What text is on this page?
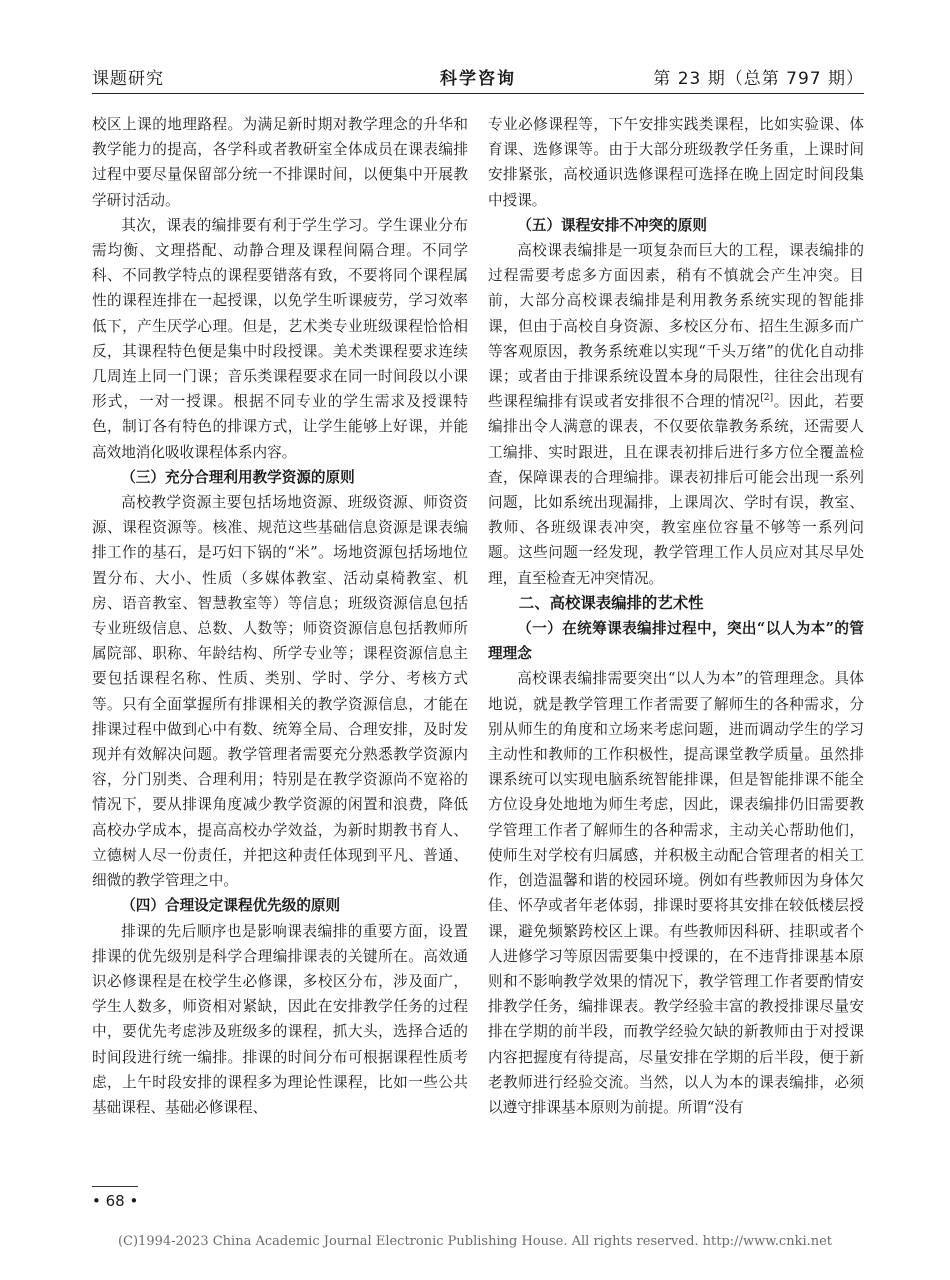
课题研究	科学咨询	第 23 期（总第 797 期）

校区上课的地理路程。为满足新时期对教学理念的升华和教学能力的提高，各学科或者教研室全体成员在课表编排过程中要尽量保留部分统一不排课时间，以便集中开展教学研讨活动。

其次，课表的编排要有利于学生学习。学生课业分布需均衡、文理搭配、动静合理及课程间隔合理。不同学科、不同教学特点的课程要错落有致，不要将同个课程属性的课程连排在一起授课，以免学生听课疲劳，学习效率低下，产生厌学心理。但是，艺术类专业班级课程恰恰相反，其课程特色便是集中时段授课。美术类课程要求连续几周连上同一门课；音乐类课程要求在同一时间段以小课形式，一对一授课。根据不同专业的学生需求及授课特色，制订各有特色的排课方式，让学生能够上好课，并能高效地消化吸收课程体系内容。

（三）充分合理利用教学资源的原则

高校教学资源主要包括场地资源、班级资源、师资资源、课程资源等。核准、规范这些基础信息资源是课表编排工作的基石，是巧妇下锅的“米”。场地资源包括场地位置分布、大小、性质（多媒体教室、活动桌椅教室、机房、语音教室、智慧教室等）等信息；班级资源信息包括专业班级信息、总数、人数等；师资资源信息包括教师所属院部、职称、年龄结构、所学专业等；课程资源信息主要包括课程名称、性质、类别、学时、学分、考核方式等。只有全面掌握所有排课相关的教学资源信息，才能在排课过程中做到心中有数、统筹全局、合理安排，及时发现并有效解决问题。教学管理者需要充分熟悉教学资源内容，分门别类、合理利用；特别是在教学资源尚不宽裕的情况下，要从排课角度减少教学资源的闲置和浪费，降低高校办学成本，提高高校办学效益，为新时期教书育人、立德树人尽一份责任，并把这种责任体现到平凡、普通、细微的教学管理之中。

（四）合理设定课程优先级的原则

排课的先后顺序也是影响课表编排的重要方面，设置排课的优先级别是科学合理编排课表的关键所在。高效通识必修课程是在校学生必修课，多校区分布，涉及面广，学生人数多，师资相对紧缺，因此在安排教学任务的过程中，要优先考虑涉及班级多的课程，抓大头，选择合适的时间段进行统一编排。排课的时间分布可根据课程性质考虑，上午时段安排的课程多为理论性课程，比如一些公共基础课程、基础必修课程、

专业必修课程等，下午安排实践类课程，比如实验课、体育课、选修课等。由于大部分班级教学任务重，上课时间安排紧张，高校通识选修课程可选择在晚上固定时间段集中授课。

（五）课程安排不冲突的原则

高校课表编排是一项复杂而巨大的工程，课表编排的过程需要考虑多方面因素，稍有不慎就会产生冲突。目前，大部分高校课表编排是利用教务系统实现的智能排课，但由于高校自身资源、多校区分布、招生生源多而广等客观原因，教务系统难以实现“千头万绪”的优化自动排课；或者由于排课系统设置本身的局限性，往往会出现有些课程编排有误或者安排很不合理的情况[2]。因此，若要编排出令人满意的课表，不仅要依靠教务系统，还需要人工编排、实时跟进，且在课表初排后进行多方位全覆盖检查，保障课表的合理编排。课表初排后可能会出现一系列问题，比如系统出现漏排，上课周次、学时有误，教室、教师、各班级课表冲突，教室座位容量不够等一系列问题。这些问题一经发现，教学管理工作人员应对其尽早处理，直至检查无冲突情况。

二、高校课表编排的艺术性

（一）在统筹课表编排过程中，突出“以人为本”的管理理念

高校课表编排需要突出“以人为本”的管理理念。具体地说，就是教学管理工作者需要了解师生的各种需求，分别从师生的角度和立场来考虑问题，进而调动学生的学习主动性和教师的工作积极性，提高课堂教学质量。虽然排课系统可以实现电脑系统智能排课，但是智能排课不能全方位设身处地地为师生考虑，因此，课表编排仍旧需要教学管理工作者了解师生的各种需求，主动关心帮助他们，使师生对学校有归属感，并积极主动配合管理者的相关工作，创造温馨和谐的校园环境。例如有些教师因为身体欠佳、怀孕或者年老体弱，排课时要将其安排在较低楼层授课，避免频繁跨校区上课。有些教师因科研、挂职或者个人进修学习等原因需要集中授课的，在不违背排课基本原则和不影响教学效果的情况下，教学管理工作者要酌情安排教学任务，编排课表。教学经验丰富的教授排课尽量安排在学期的前半段，而教学经验欠缺的新教师由于对授课内容把握度有待提高，尽量安排在学期的后半段，便于新老教师进行经验交流。当然，以人为本的课表编排，必须以遵守排课基本原则为前提。所谓“没有

• 68 •
(C)1994-2023 China Academic Journal Electronic Publishing House. All rights reserved. http://www.cnki.net
